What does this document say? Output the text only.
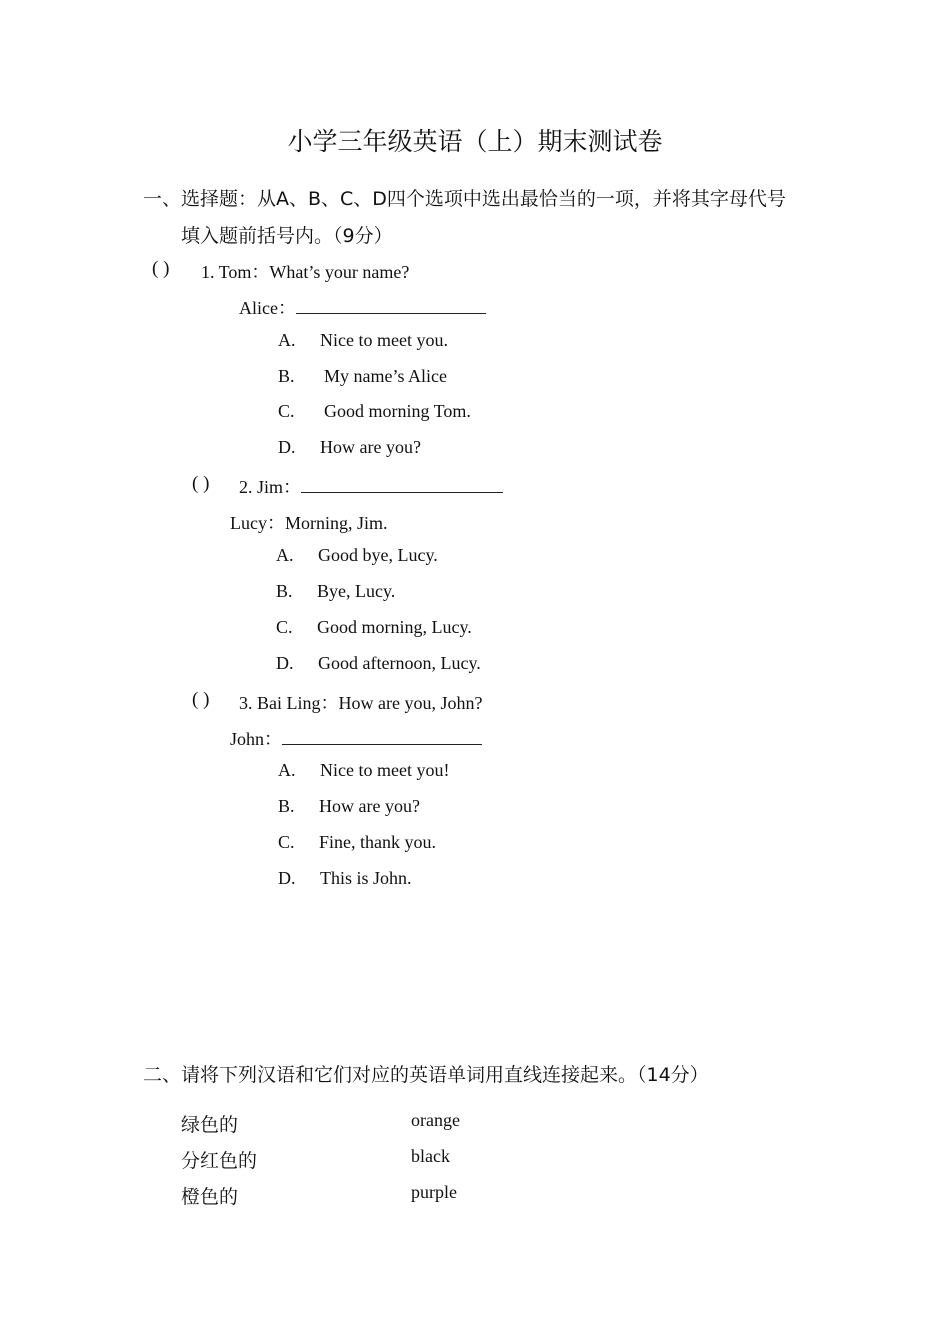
小学三年级英语（上）期末测试卷
一、选择题：从A、B、C、D四个选项中选出最恰当的一项，并将其字母代号
填入题前括号内。（9分）
( ) 1. Tom：What’s your name?
Alice：
A. Nice to meet you.
B. My name’s Alice
C. Good morning Tom.
D. How are you?
( ) 2. Jim：
Lucy：Morning, Jim.
A. Good bye, Lucy.
B. Bye, Lucy.
C. Good morning, Lucy.
D. Good afternoon, Lucy.
( ) 3. Bai Ling：How are you, John?
John：
A. Nice to meet you!
B. How are you?
C. Fine, thank you.
D. This is John.
二、请将下列汉语和它们对应的英语单词用直线连接起来。（14分）
绿色的	orange
分红色的	black
橙色的	purple
